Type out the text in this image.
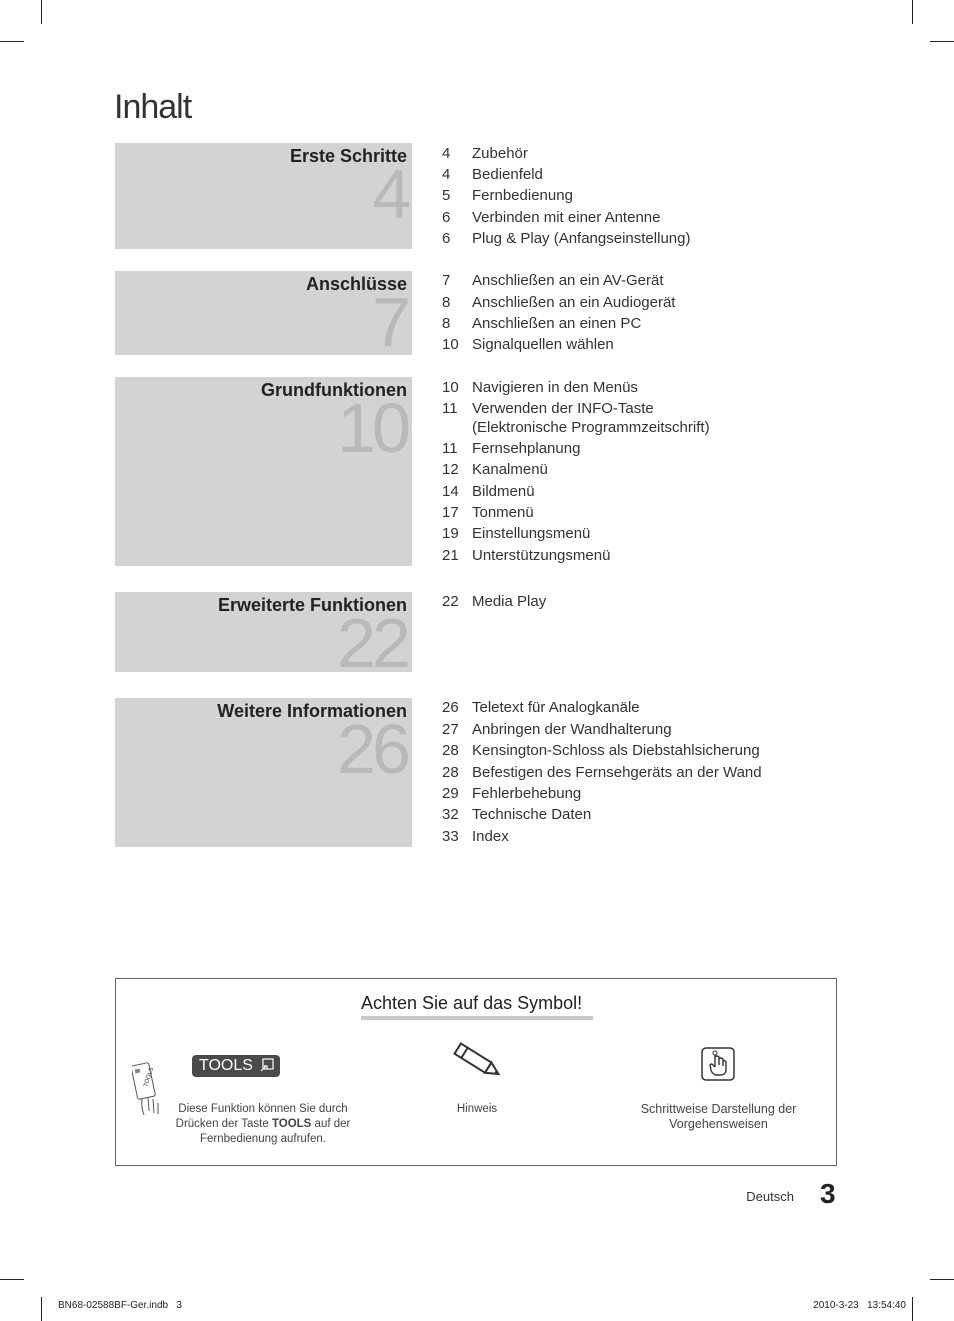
Inhalt
Erste Schritte
4
4	Zubehör
4	Bedienfeld
5	Fernbedienung
6	Verbinden mit einer Antenne
6	Plug & Play (Anfangseinstellung)
Anschlüsse
7
7	Anschließen an ein AV-Gerät
8	Anschließen an ein Audiogerät
8	Anschließen an einen PC
10 Signalquellen wählen
Grundfunktionen
10
10 Navigieren in den Menüs
11 Verwenden der INFO-Taste
(Elektronische Programmzeitschrift)
11 Fernsehplanung
12 Kanalmenü
14 Bildmenü
17 Tonmenü
19 Einstellungsmenü
21 Unterstützungsmenü
Erweiterte Funktionen
22
22 Media Play
Weitere Informationen
26
26 Teletext für Analogkanäle
27 Anbringen der Wandhalterung
28 Kensington-Schloss als Diebstahlsicherung
28 Befestigen des Fernsehgeräts an der Wand
29 Fehlerbehebung
32 Technische Daten
33 Index
Achten Sie auf das Symbol!
TOOLS
TOOLS
Diese Funktion können Sie durch
Drücken der Taste TOOLS auf der
Fernbedienung aufrufen.
Hinweis	Schrittweise Darstellung der
Vorgehensweisen
Deutsch 3
BN68-02588BF-Ger.indb   3	2010-3-23   13:54:40
